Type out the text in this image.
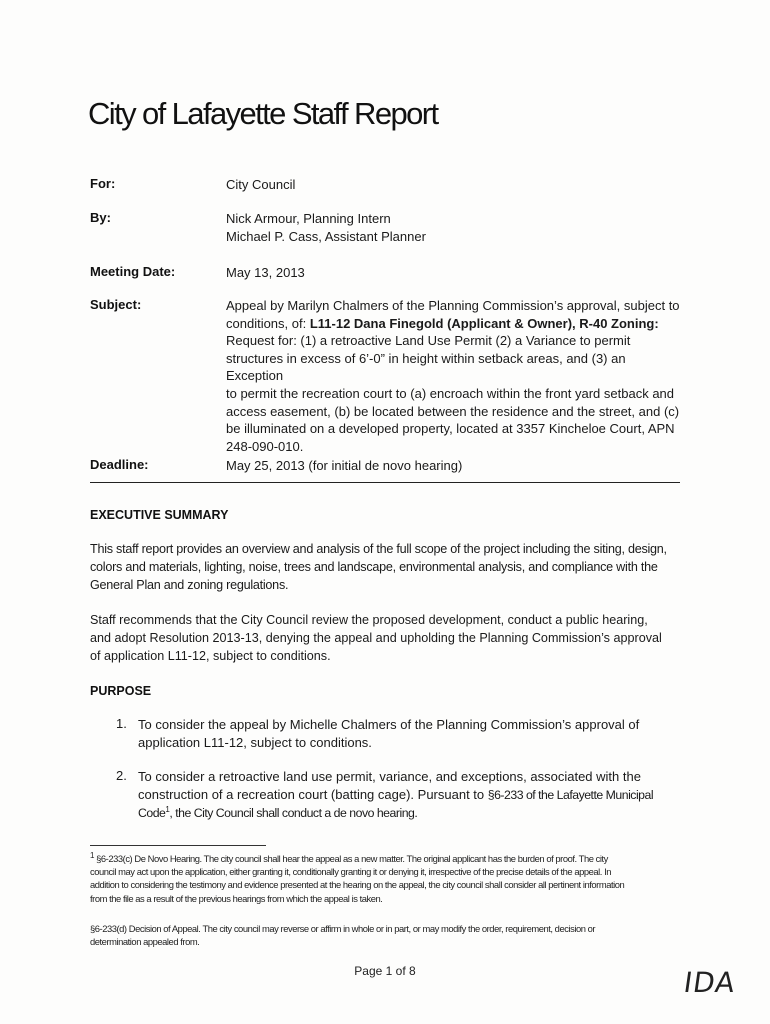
City of Lafayette Staff Report
For:	City Council
By:	Nick Armour, Planning Intern
Michael P. Cass, Assistant Planner
Meeting Date:	May 13, 2013
Subject:	Appeal by Marilyn Chalmers of the Planning Commission’s approval, subject to
conditions, of: L11-12 Dana Finegold (Applicant & Owner), R-40 Zoning:
Request for: (1) a retroactive Land Use Permit (2) a Variance to permit
structures in excess of 6’-0” in height within setback areas, and (3) an Exception
to permit the recreation court to (a) encroach within the front yard setback and
access easement, (b) be located between the residence and the street, and (c)
be illuminated on a developed property, located at 3357 Kincheloe Court, APN
248-090-010.
Deadline:	May 25, 2013 (for initial de novo hearing)
EXECUTIVE SUMMARY
This staff report provides an overview and analysis of the full scope of the project including the siting, design,
colors and materials, lighting, noise, trees and landscape, environmental analysis, and compliance with the
General Plan and zoning regulations.
Staff recommends that the City Council review the proposed development, conduct a public hearing,
and adopt Resolution 2013-13, denying the appeal and upholding the Planning Commission’s approval
of application L11-12, subject to conditions.
PURPOSE
1. To consider the appeal by Michelle Chalmers of the Planning Commission’s approval of
application L11-12, subject to conditions.
2. To consider a retroactive land use permit, variance, and exceptions, associated with the
construction of a recreation court (batting cage). Pursuant to §6-233 of the Lafayette Municipal
Code$^1$, the City Council shall conduct a de novo hearing.
$^1$ §6-233(c) De Novo Hearing. The city council shall hear the appeal as a new matter. The original applicant has the burden of proof. The city
council may act upon the application, either granting it, conditionally granting it or denying it, irrespective of the precise details of the appeal. In
addition to considering the testimony and evidence presented at the hearing on the appeal, the city council shall consider all pertinent information
from the file as a result of the previous hearings from which the appeal is taken.
§6-233(d) Decision of Appeal. The city council may reverse or affirm in whole or in part, or may modify the order, requirement, decision or
determination appealed from.
Page 1 of 8	IDA
